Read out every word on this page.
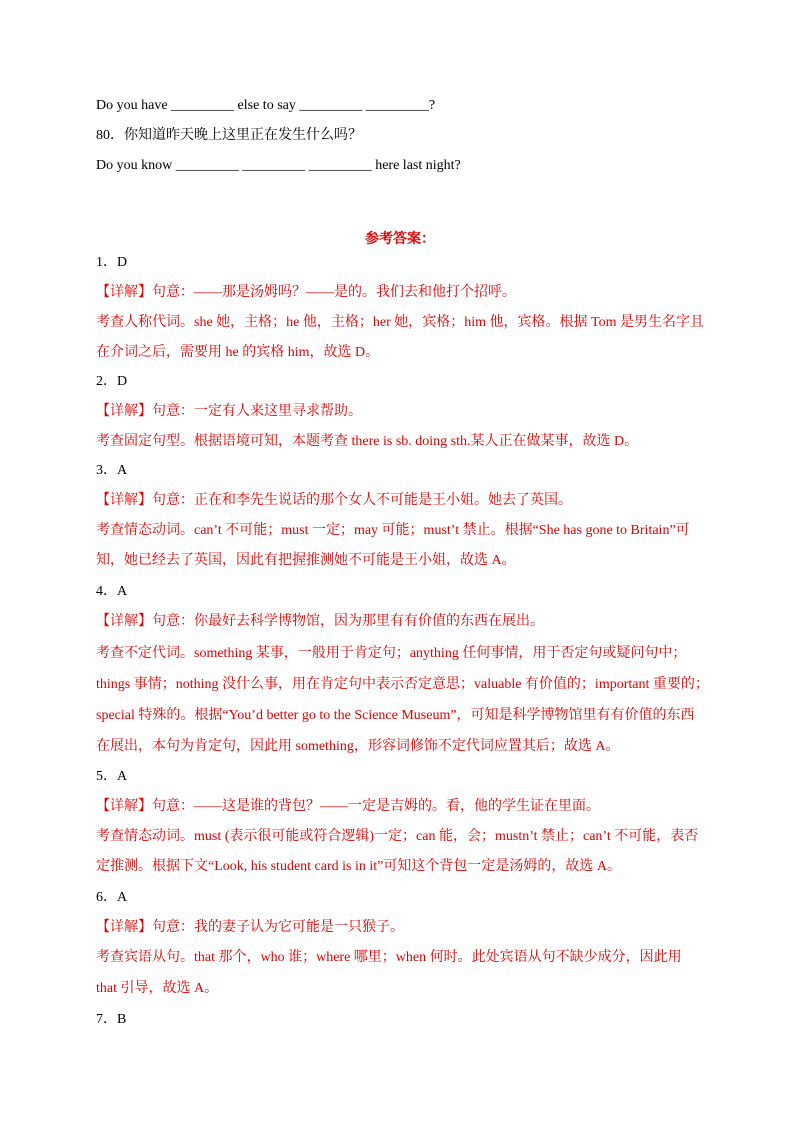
Do you have _________ else to say _________ _________?
80．你知道昨天晚上这里正在发生什么吗？
Do you know _________ _________ _________ here last night?
参考答案：
1．D
【详解】句意：——那是汤姆吗？——是的。我们去和他打个招呼。
考查人称代词。she 她，主格；he 他，主格；her 她，宾格；him 他，宾格。根据 Tom 是男生名字且
在介词之后，需要用 he 的宾格 him，故选 D。
2．D
【详解】句意：一定有人来这里寻求帮助。
考查固定句型。根据语境可知，本题考查 there is sb. doing sth.某人正在做某事，故选 D。
3．A
【详解】句意：正在和李先生说话的那个女人不可能是王小姐。她去了英国。
考查情态动词。can’t 不可能；must 一定；may 可能；must’t 禁止。根据“She has gone to Britain”可
知，她已经去了英国，因此有把握推测她不可能是王小姐，故选 A。
4．A
【详解】句意：你最好去科学博物馆，因为那里有有价值的东西在展出。
考查不定代词。something 某事，一般用于肯定句；anything 任何事情，用于否定句或疑问句中；
things 事情；nothing 没什么事，用在肯定句中表示否定意思；valuable 有价值的；important 重要的；
special 特殊的。根据“You’d better go to the Science Museum”，可知是科学博物馆里有有价值的东西
在展出，本句为肯定句，因此用 something，形容词修饰不定代词应置其后；故选 A。
5．A
【详解】句意：——这是谁的背包？——一定是吉姆的。看，他的学生证在里面。
考查情态动词。must (表示很可能或符合逻辑)一定；can 能，会；mustn’t 禁止；can’t 不可能，表否
定推测。根据下文“Look, his student card is in it”可知这个背包一定是汤姆的，故选 A。
6．A
【详解】句意：我的妻子认为它可能是一只猴子。
考查宾语从句。that 那个，who 谁；where 哪里；when 何时。此处宾语从句不缺少成分，因此用
that 引导，故选 A。
7．B
